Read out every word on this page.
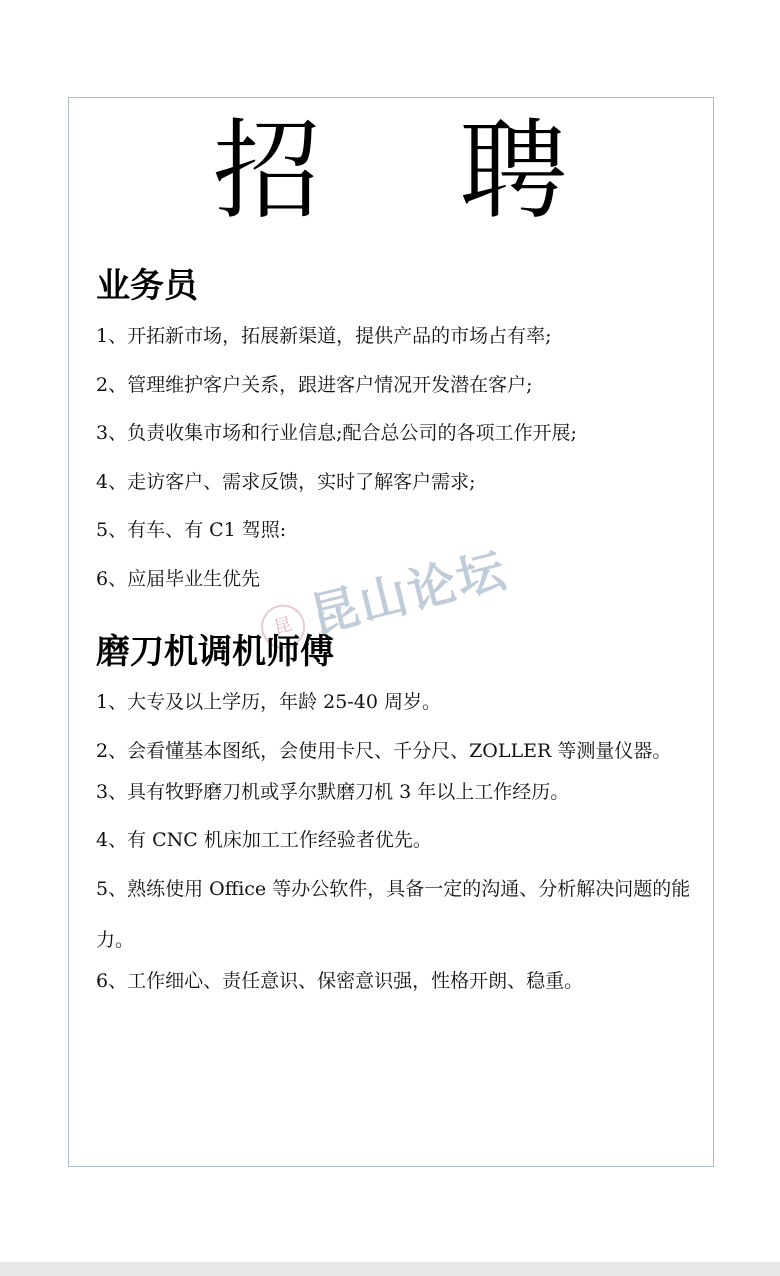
招 聘
业务员
1、开拓新市场，拓展新渠道，提供产品的市场占有率;
2、管理维护客户关系，跟进客户情况开发潜在客户;
3、负责收集市场和行业信息;配合总公司的各项工作开展;
4、走访客户、需求反馈，实时了解客户需求;
5、有车、有 C1 驾照:
6、应届毕业生优先
昆 昆山论坛
磨刀机调机师傅
1、大专及以上学历，年龄 25-40 周岁。
2、会看懂基本图纸，会使用卡尺、千分尺、ZOLLER 等测量仪器。
3、具有牧野磨刀机或孚尔默磨刀机 3 年以上工作经历。
4、有 CNC 机床加工工作经验者优先。
5、熟练使用 Office 等办公软件，具备一定的沟通、分析解决问题的能力。
6、工作细心、责任意识、保密意识强，性格开朗、稳重。
